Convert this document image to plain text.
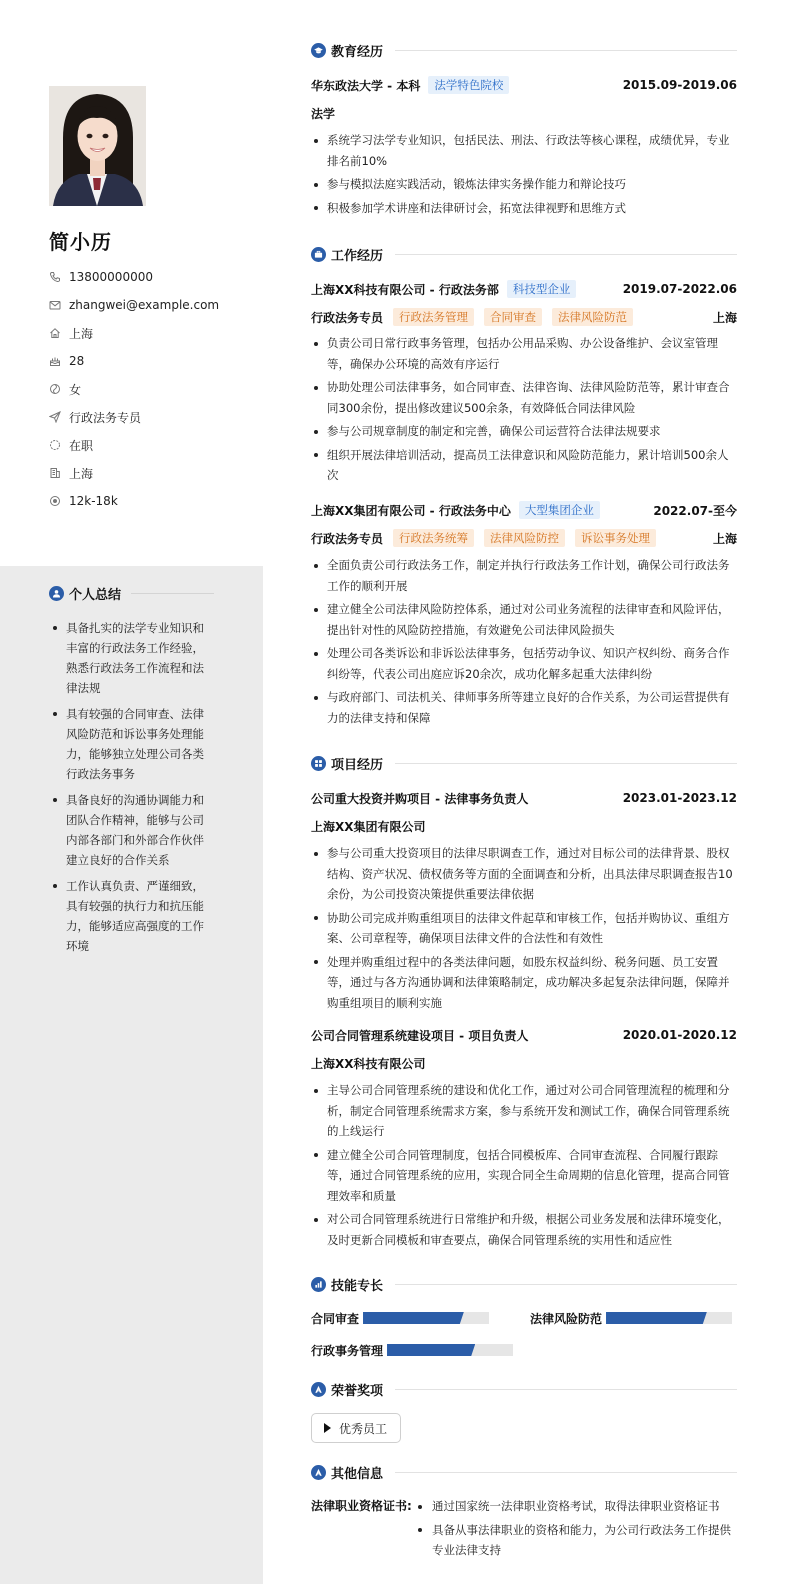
简小历
13800000000
zhangwei@example.com
上海
28
女
行政法务专员
在职
上海
12k-18k
个人总结
具备扎实的法学专业知识和丰富的行政法务工作经验，熟悉行政法务工作流程和法律法规
具有较强的合同审查、法律风险防范和诉讼事务处理能力，能够独立处理公司各类行政法务事务
具备良好的沟通协调能力和团队合作精神，能够与公司内部各部门和外部合作伙伴建立良好的合作关系
工作认真负责、严谨细致，具有较强的执行力和抗压能力，能够适应高强度的工作环境
教育经历
华东政法大学 - 本科	法学特色院校	2015.09-2019.06
法学
系统学习法学专业知识，包括民法、刑法、行政法等核心课程，成绩优异，专业排名前10%
参与模拟法庭实践活动，锻炼法律实务操作能力和辩论技巧
积极参加学术讲座和法律研讨会，拓宽法律视野和思维方式
工作经历
上海XX科技有限公司 - 行政法务部	科技型企业	2019.07-2022.06
行政法务专员	行政法务管理	合同审查	法律风险防范	上海
负责公司日常行政事务管理，包括办公用品采购、办公设备维护、会议室管理等，确保办公环境的高效有序运行
协助处理公司法律事务，如合同审查、法律咨询、法律风险防范等，累计审查合同300余份，提出修改建议500余条，有效降低合同法律风险
参与公司规章制度的制定和完善，确保公司运营符合法律法规要求
组织开展法律培训活动，提高员工法律意识和风险防范能力，累计培训500余人次
上海XX集团有限公司 - 行政法务中心	大型集团企业	2022.07-至今
行政法务专员	行政法务统筹	法律风险防控	诉讼事务处理	上海
全面负责公司行政法务工作，制定并执行行政法务工作计划，确保公司行政法务工作的顺利开展
建立健全公司法律风险防控体系，通过对公司业务流程的法律审查和风险评估，提出针对性的风险防控措施，有效避免公司法律风险损失
处理公司各类诉讼和非诉讼法律事务，包括劳动争议、知识产权纠纷、商务合作纠纷等，代表公司出庭应诉20余次，成功化解多起重大法律纠纷
与政府部门、司法机关、律师事务所等建立良好的合作关系，为公司运营提供有力的法律支持和保障
项目经历
公司重大投资并购项目 - 法律事务负责人	2023.01-2023.12
上海XX集团有限公司
参与公司重大投资项目的法律尽职调查工作，通过对目标公司的法律背景、股权结构、资产状况、债权债务等方面的全面调查和分析，出具法律尽职调查报告10余份，为公司投资决策提供重要法律依据
协助公司完成并购重组项目的法律文件起草和审核工作，包括并购协议、重组方案、公司章程等，确保项目法律文件的合法性和有效性
处理并购重组过程中的各类法律问题，如股东权益纠纷、税务问题、员工安置等，通过与各方沟通协调和法律策略制定，成功解决多起复杂法律问题，保障并购重组项目的顺利实施
公司合同管理系统建设项目 - 项目负责人	2020.01-2020.12
上海XX科技有限公司
主导公司合同管理系统的建设和优化工作，通过对公司合同管理流程的梳理和分析，制定合同管理系统需求方案，参与系统开发和测试工作，确保合同管理系统的上线运行
建立健全公司合同管理制度，包括合同模板库、合同审查流程、合同履行跟踪等，通过合同管理系统的应用，实现合同全生命周期的信息化管理，提高合同管理效率和质量
对公司合同管理系统进行日常维护和升级，根据公司业务发展和法律环境变化，及时更新合同模板和审查要点，确保合同管理系统的实用性和适应性
技能专长
合同审查	法律风险防范
行政事务管理
荣誉奖项
优秀员工
其他信息
法律职业资格证书:	通过国家统一法律职业资格考试，取得法律职业资格证书
具备从事法律职业的资格和能力，为公司行政法务工作提供专业法律支持
